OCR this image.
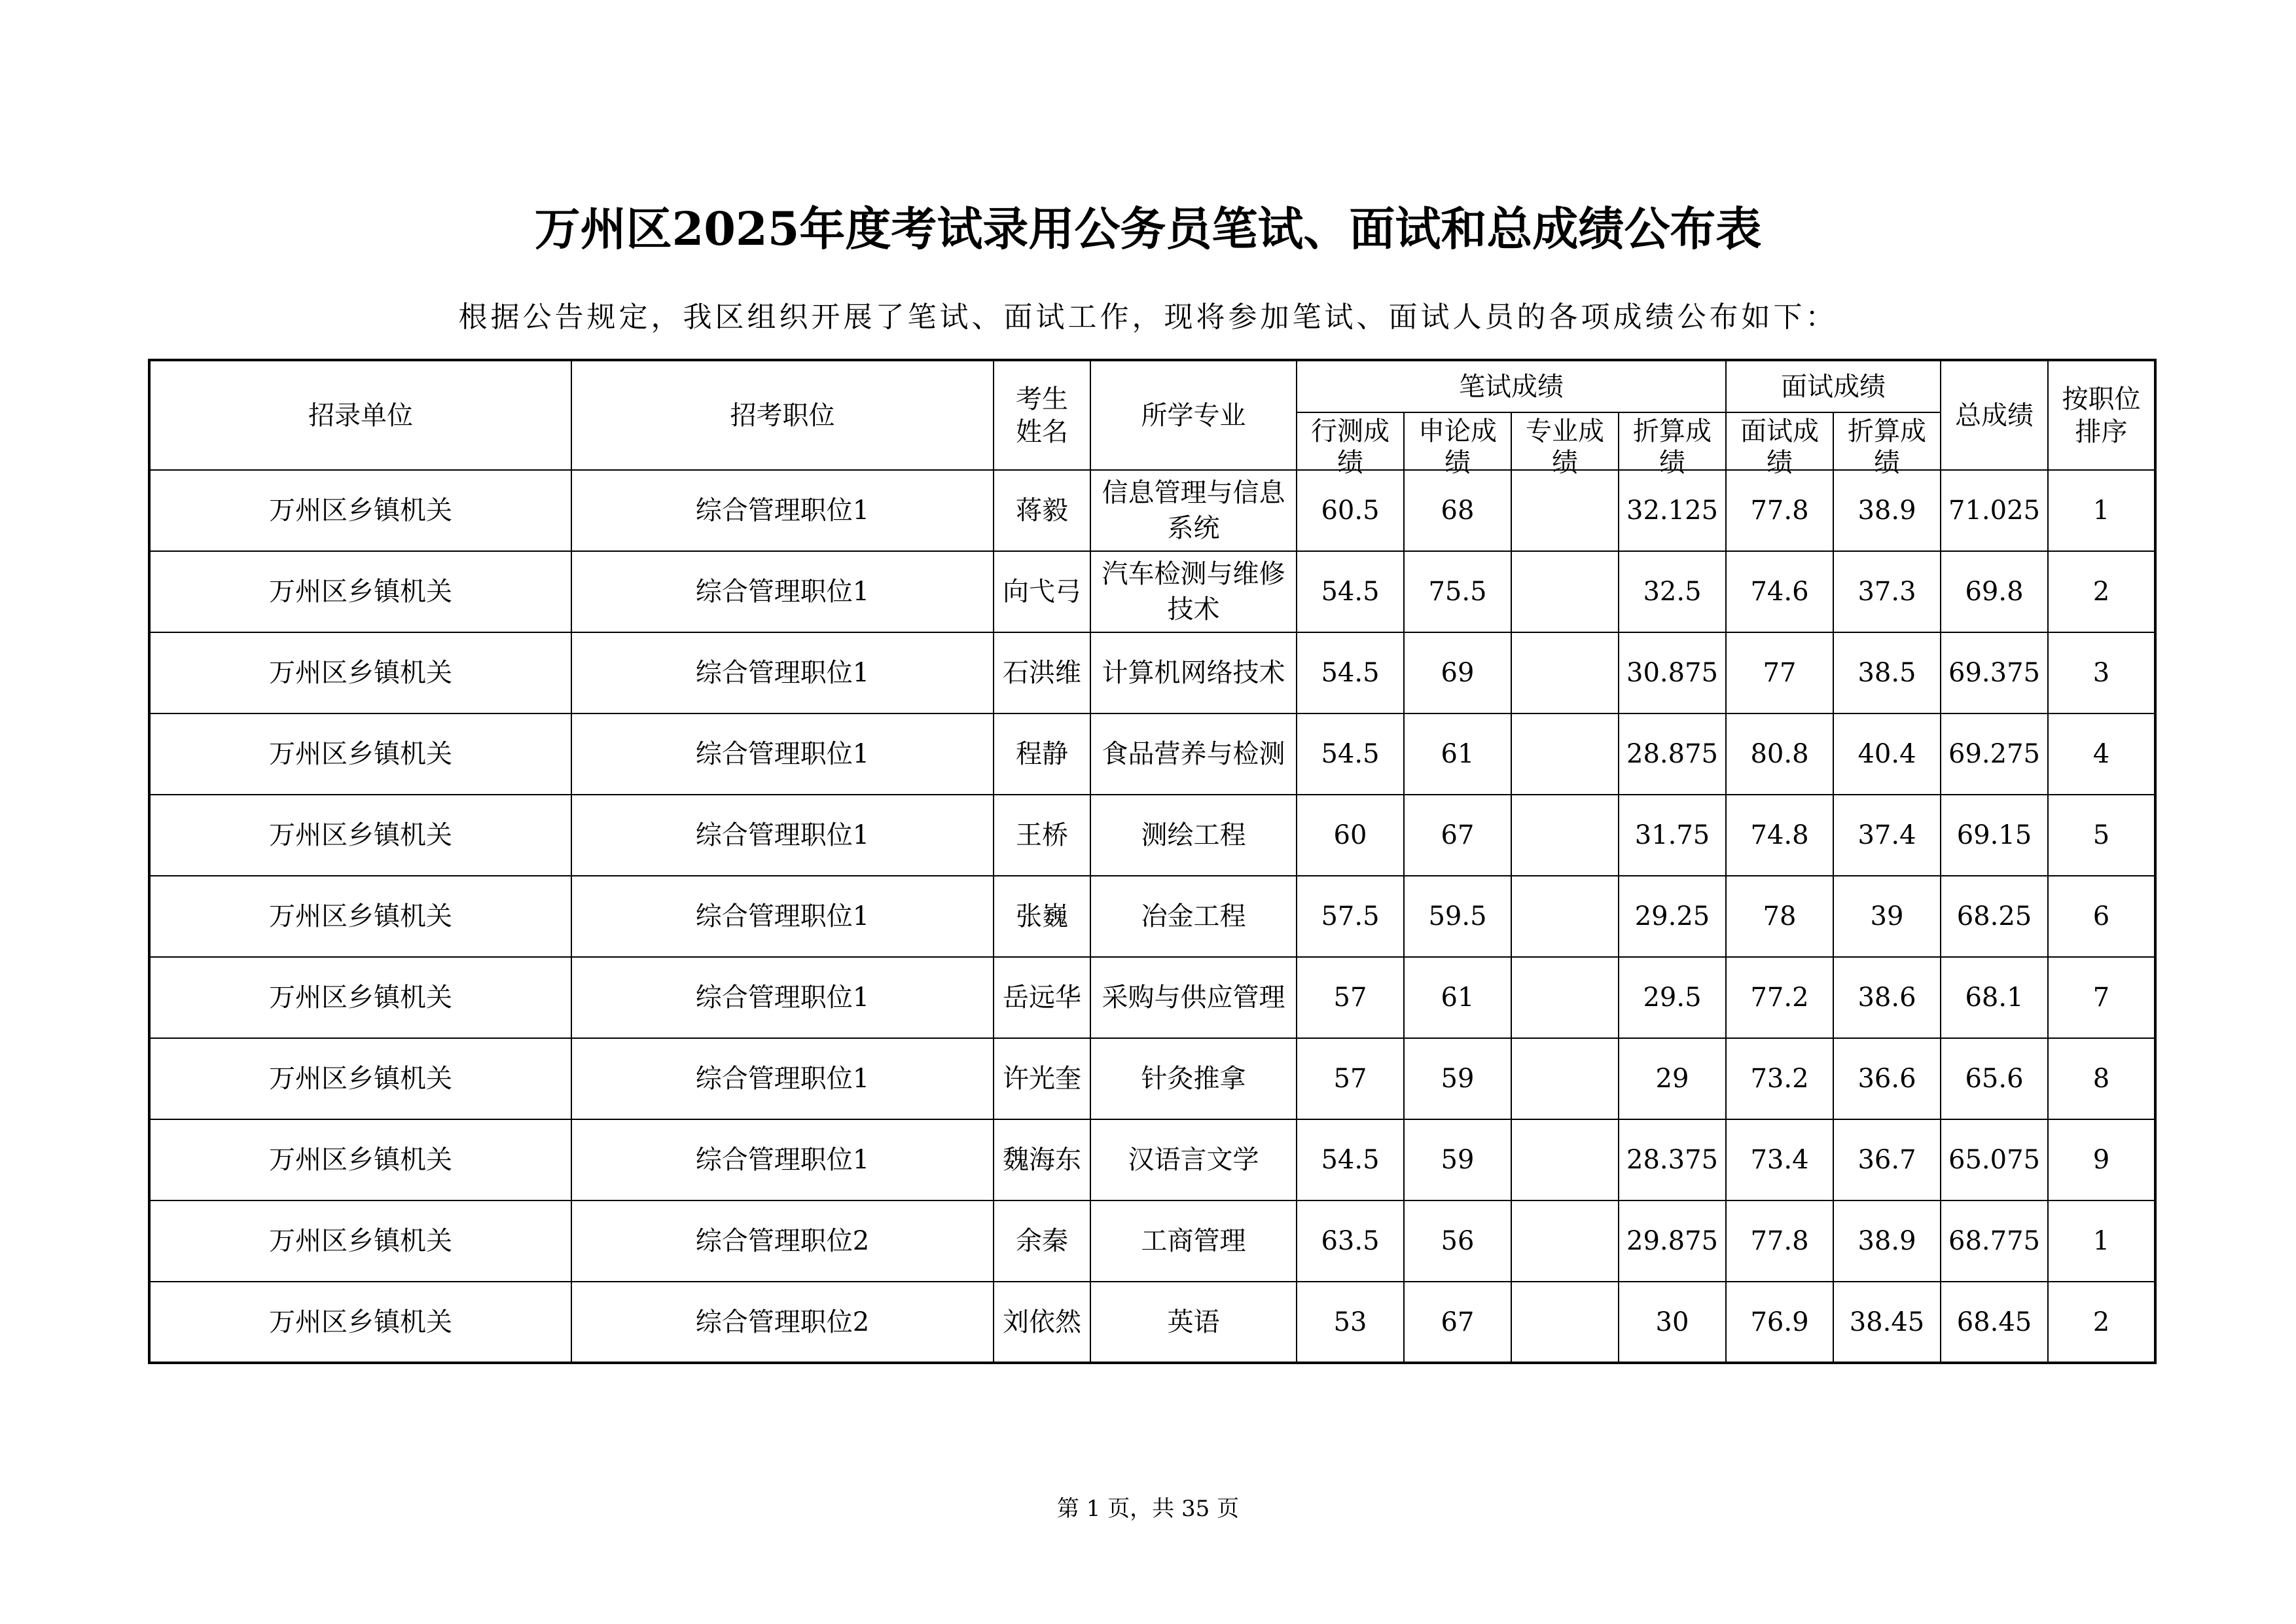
万州区2025年度考试录用公务员笔试、面试和总成绩公布表
根据公告规定，我区组织开展了笔试、面试工作，现将参加笔试、面试人员的各项成绩公布如下：
招录单位	招考职位	考生姓名	所学专业	笔试成绩				面试成绩		总成绩	按职位排序

				行测成绩	申论成绩	专业成绩	折算成绩	面试成绩	折算成绩		

万州区乡镇机关	综合管理职位1	蒋毅	信息管理与信息系统	60.5	68		32.125	77.8	38.9	71.025	1
万州区乡镇机关	综合管理职位1	向弋弓	汽车检测与维修技术	54.5	75.5		32.5	74.6	37.3	69.8	2
万州区乡镇机关	综合管理职位1	石洪维	计算机网络技术	54.5	69		30.875	77	38.5	69.375	3
万州区乡镇机关	综合管理职位1	程静	食品营养与检测	54.5	61		28.875	80.8	40.4	69.275	4
万州区乡镇机关	综合管理职位1	王桥	测绘工程	60	67		31.75	74.8	37.4	69.15	5
万州区乡镇机关	综合管理职位1	张巍	冶金工程	57.5	59.5		29.25	78	39	68.25	6
万州区乡镇机关	综合管理职位1	岳远华	采购与供应管理	57	61		29.5	77.2	38.6	68.1	7
万州区乡镇机关	综合管理职位1	许光奎	针灸推拿	57	59		29	73.2	36.6	65.6	8
万州区乡镇机关	综合管理职位1	魏海东	汉语言文学	54.5	59		28.375	73.4	36.7	65.075	9
万州区乡镇机关	综合管理职位2	余秦	工商管理	63.5	56		29.875	77.8	38.9	68.775	1
万州区乡镇机关	综合管理职位2	刘依然	英语	53	67		30	76.9	38.45	68.45	2
第 1 页，共 35 页
